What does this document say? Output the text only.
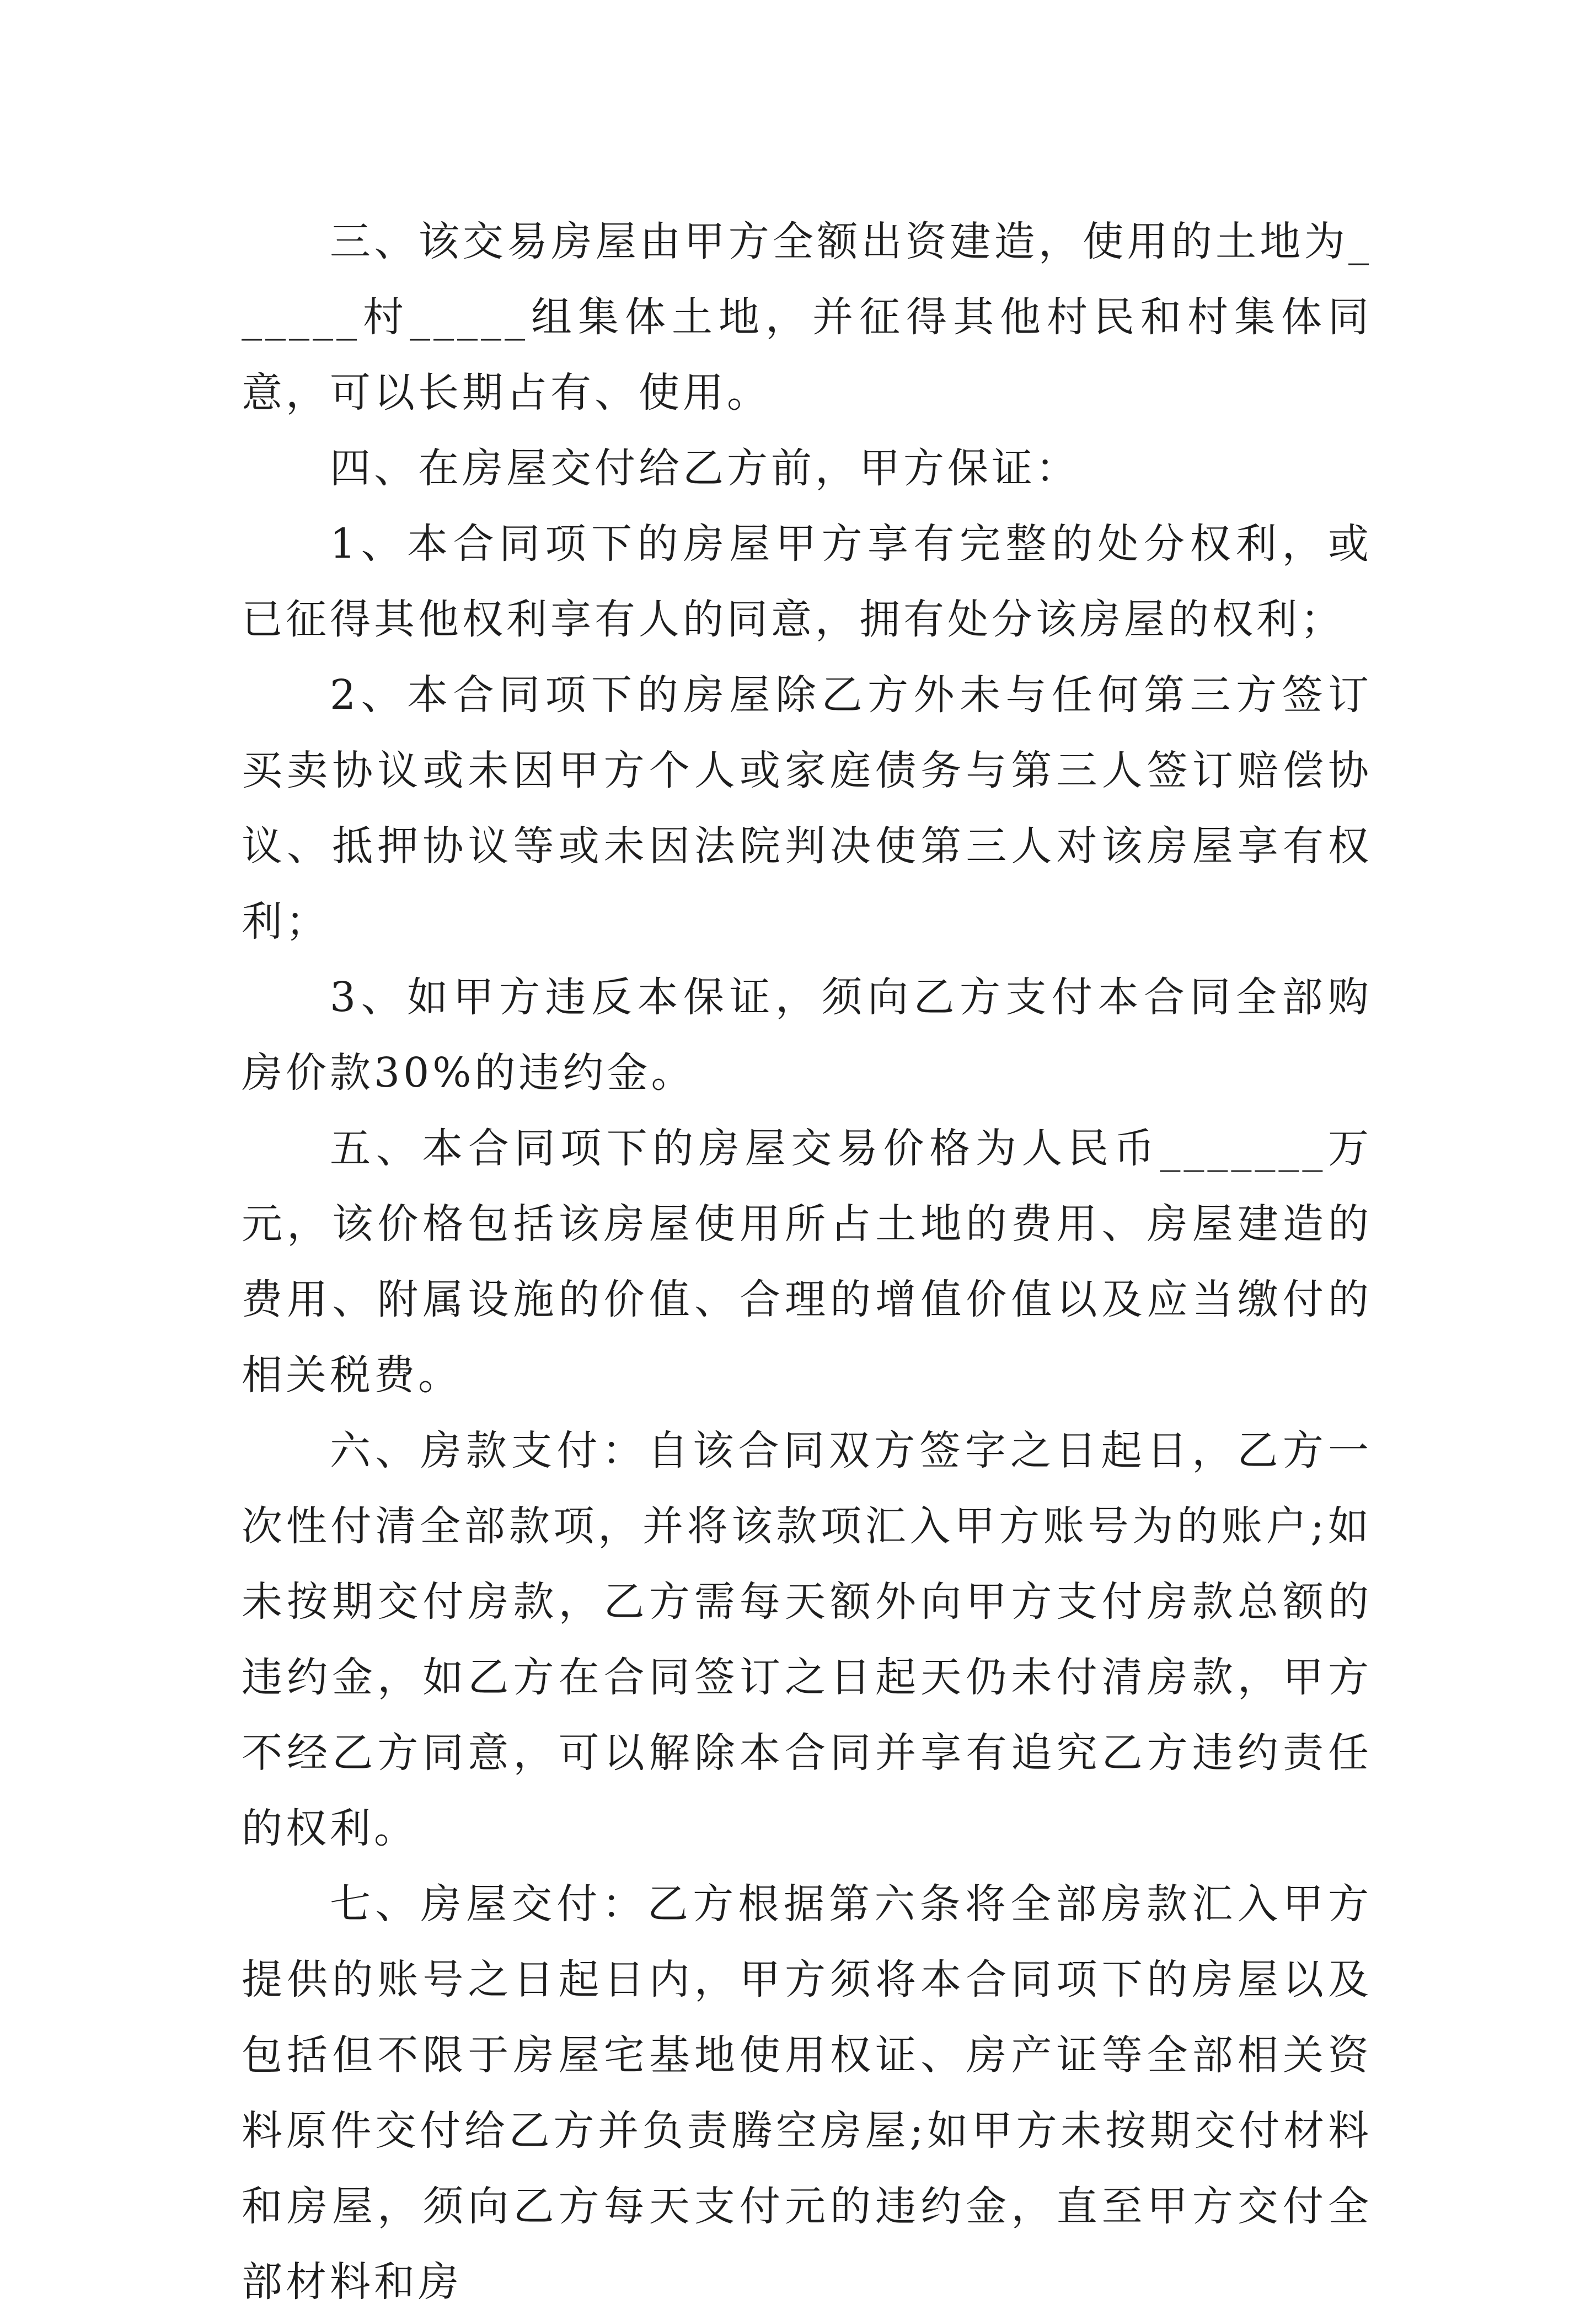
三、该交易房屋由甲方全额出资建造，使用的土地为______村_____组集体土地，并征得其他村民和村集体同意，可以长期占有、使用。

四、在房屋交付给乙方前，甲方保证：

1、本合同项下的房屋甲方享有完整的处分权利，或已征得其他权利享有人的同意，拥有处分该房屋的权利；

2、本合同项下的房屋除乙方外未与任何第三方签订买卖协议或未因甲方个人或家庭债务与第三人签订赔偿协议、抵押协议等或未因法院判决使第三人对该房屋享有权利；

3、如甲方违反本保证，须向乙方支付本合同全部购房价款30%的违约金。

五、本合同项下的房屋交易价格为人民币_______万元，该价格包括该房屋使用所占土地的费用、房屋建造的费用、附属设施的价值、合理的增值价值以及应当缴付的相关税费。

六、房款支付：自该合同双方签字之日起日，乙方一次性付清全部款项，并将该款项汇入甲方账号为的账户;如未按期交付房款，乙方需每天额外向甲方支付房款总额的违约金，如乙方在合同签订之日起天仍未付清房款，甲方不经乙方同意，可以解除本合同并享有追究乙方违约责任的权利。

七、房屋交付：乙方根据第六条将全部房款汇入甲方提供的账号之日起日内，甲方须将本合同项下的房屋以及包括但不限于房屋宅基地使用权证、房产证等全部相关资料原件交付给乙方并负责腾空房屋;如甲方未按期交付材料和房屋，须向乙方每天支付元的违约金，直至甲方交付全部材料和房
